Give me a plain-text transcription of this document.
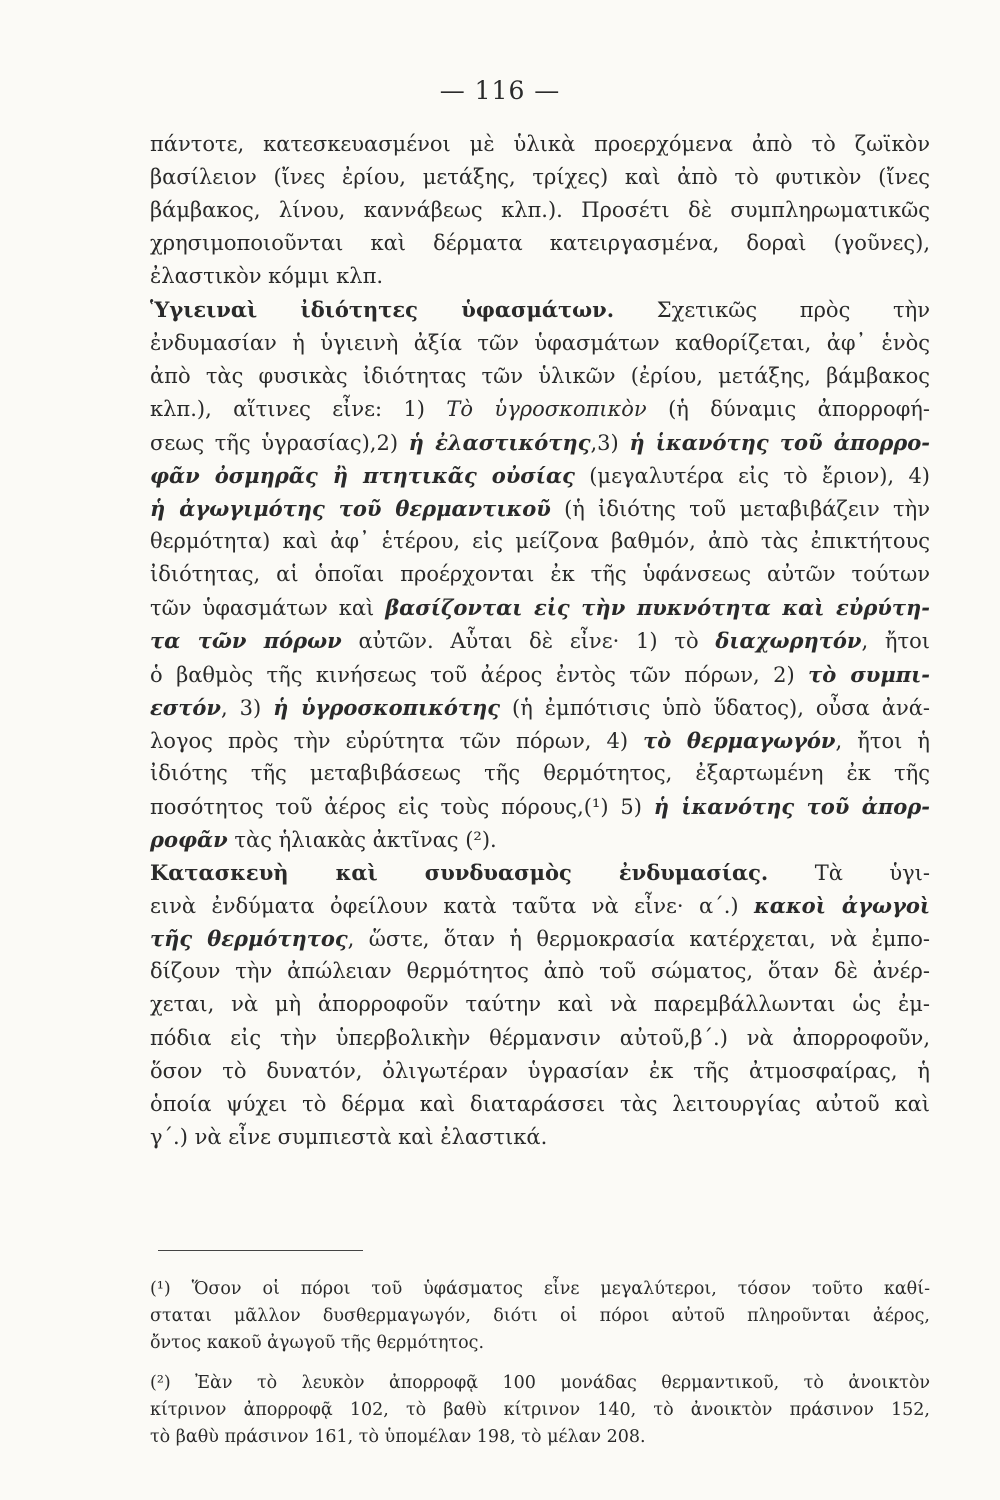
— 116 —
πάντοτε, κατεσκευασμένοι μὲ ὑλικὰ προερχόμενα ἀπὸ τὸ ζωϊκὸν
βασίλειον (ἴνες ἐρίου, μετάξης, τρίχες) καὶ ἀπὸ τὸ φυτικὸν (ἴνες
βάμβακος, λίνου, καννάβεως κλπ.). Προσέτι δὲ συμπληρωματικῶς
χρησιμοποιοῦνται καὶ δέρματα κατειργασμένα, δοραὶ (γοῦνες),
ἐλαστικὸν κόμμι κλπ.
Ὑγιειναὶ ἰδιότητες ὑφασμάτων. Σχετικῶς πρὸς τὴν
ἐνδυμασίαν ἡ ὑγιεινὴ ἀξία τῶν ὑφασμάτων καθορίζεται, ἀφ᾽ ἑνὸς
ἀπὸ τὰς φυσικὰς ἰδιότητας τῶν ὑλικῶν (ἐρίου, μετάξης, βάμβακος
κλπ.), αἵτινες εἶνε: 1) Τὸ ὑγροσκοπικὸν (ἡ δύναμις ἀπορροφή-
σεως τῆς ὑγρασίας),2) ἡ ἐλαστικότης,3) ἡ ἱκανότης τοῦ ἀπορρο-
φᾶν ὀσμηρᾶς ἢ πτητικᾶς οὐσίας (μεγαλυτέρα εἰς τὸ ἔριον), 4)
ἡ ἀγωγιμότης τοῦ θερμαντικοῦ (ἡ ἰδιότης τοῦ μεταβιβάζειν τὴν
θερμότητα) καὶ ἀφ᾽ ἑτέρου, εἰς μείζονα βαθμόν, ἀπὸ τὰς ἐπικτήτους
ἰδιότητας, αἱ ὁποῖαι προέρχονται ἐκ τῆς ὑφάνσεως αὐτῶν τούτων
τῶν ὑφασμάτων καὶ βασίζονται εἰς τὴν πυκνότητα καὶ εὐρύτη-
τα τῶν πόρων αὐτῶν. Αὗται δὲ εἶνε· 1) τὸ διαχωρητόν, ἤτοι
ὁ βαθμὸς τῆς κινήσεως τοῦ ἀέρος ἐντὸς τῶν πόρων, 2) τὸ συμπι-
εστόν, 3) ἡ ὑγροσκοπικότης (ἡ ἐμπότισις ὑπὸ ὕδατος), οὖσα ἀνά-
λογος πρὸς τὴν εὐρύτητα τῶν πόρων, 4) τὸ θερμαγωγόν, ἤτοι ἡ
ἰδιότης τῆς μεταβιβάσεως τῆς θερμότητος, ἐξαρτωμένη ἐκ τῆς
ποσότητος τοῦ ἀέρος εἰς τοὺς πόρους,(¹) 5) ἡ ἱκανότης τοῦ ἀπορ-
ροφᾶν τὰς ἡλιακὰς ἀκτῖνας (²).
Κατασκευὴ καὶ συνδυασμὸς ἐνδυμασίας. Τὰ ὑγι-
εινὰ ἐνδύματα ὀφείλουν κατὰ ταῦτα νὰ εἶνε· α΄.) κακοὶ ἀγωγοὶ
τῆς θερμότητος, ὥστε, ὅταν ἡ θερμοκρασία κατέρχεται, νὰ ἐμπο-
δίζουν τὴν ἀπώλειαν θερμότητος ἀπὸ τοῦ σώματος, ὅταν δὲ ἀνέρ-
χεται, νὰ μὴ ἀπορροφοῦν ταύτην καὶ νὰ παρεμβάλλωνται ὡς ἐμ-
πόδια εἰς τὴν ὑπερβολικὴν θέρμανσιν αὐτοῦ,β΄.) νὰ ἀπορροφοῦν,
ὅσον τὸ δυνατόν, ὀλιγωτέραν ὑγρασίαν ἐκ τῆς ἀτμοσφαίρας, ἡ
ὁποία ψύχει τὸ δέρμα καὶ διαταράσσει τὰς λειτουργίας αὐτοῦ καὶ
γ΄.) νὰ εἶνε συμπιεστὰ καὶ ἐλαστικά.
(¹) Ὅσον οἱ πόροι τοῦ ὑφάσματος εἶνε μεγαλύτεροι, τόσον τοῦτο καθί-
σταται μᾶλλον δυσθερμαγωγόν, διότι οἱ πόροι αὐτοῦ πληροῦνται ἀέρος,
ὄντος κακοῦ ἀγωγοῦ τῆς θερμότητος.
(²) Ἐὰν τὸ λευκὸν ἀπορροφᾷ 100 μονάδας θερμαντικοῦ, τὸ ἀνοικτὸν
κίτρινον ἀπορροφᾷ 102, τὸ βαθὺ κίτρινον 140, τὸ ἀνοικτὸν πράσινον 152,
τὸ βαθὺ πράσινον 161, τὸ ὑπομέλαν 198, τὸ μέλαν 208.
